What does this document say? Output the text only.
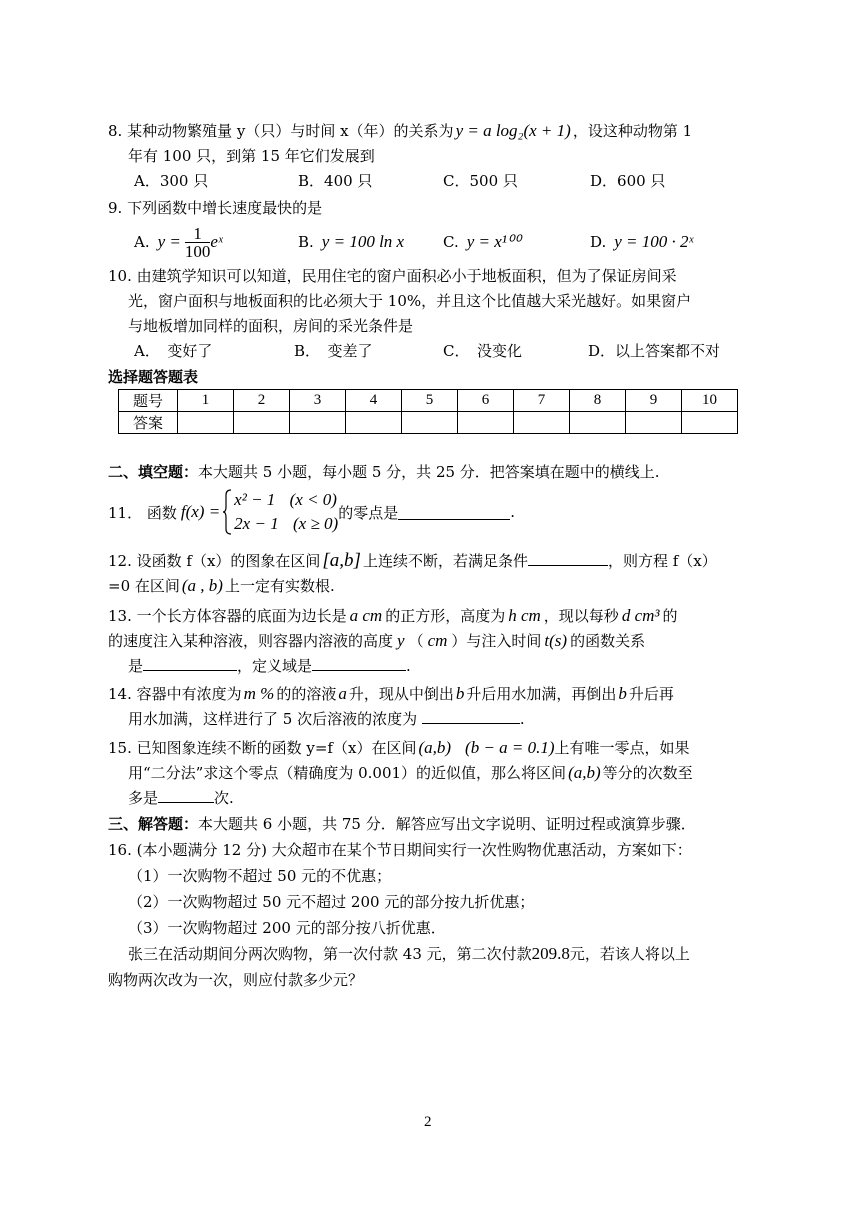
8. 某种动物繁殖量 y（只）与时间 x（年）的关系为 y = a log₂(x + 1) ，设这种动物第 1
年有 100 只，到第 15 年它们发展到
A．300 只	B．400 只	C．500 只	D．600 只
9. 下列函数中增长速度最快的是
A. $y = \frac{1}{100}$ eˣ	B. y = 100 ln x	C. y = x¹⁰⁰	D. y = 100 · 2ˣ
10. 由建筑学知识可以知道，民用住宅的窗户面积必小于地板面积，但为了保证房间采
光，窗户面积与地板面积的比必须大于 10%，并且这个比值越大采光越好。如果窗户
与地板增加同样的面积，房间的采光条件是
A．　变好了	B．　变差了	C．　没变化	D．以上答案都不对
选择题答题表
题号	1	2	3	4	5	6	7	8	9	10
答案										
二、填空题：本大题共 5 小题，每小题 5 分，共 25 分．把答案填在题中的横线上.
11． 函数 f(x) =
x² − 1 (x < 0)
2x − 1 (x ≥ 0)
的零点是	.
12. 设函数 f（x）的图象在区间 [a,b] 上连续不断，若满足条件	，则方程 f（x）
=0 在区间 (a , b) 上一定有实数根.
13. 一个长方体容器的底面为边长是 a cm 的正方形，高度为 h cm ，现以每秒 d cm³ 的
的速度注入某种溶液，则容器内溶液的高度 y （ cm ）与注入时间 t(s) 的函数关系
是	，定义域是	.
14. 容器中有浓度为 m % 的的溶液 a 升，现从中倒出 b 升后用水加满，再倒出 b 升后再
用水加满，这样进行了 5 次后溶液的浓度为	.
15. 已知图象连续不断的函数 y=f（x）在区间 (a,b) (b − a = 0.1)上有唯一零点，如果
用“二分法”求这个零点（精确度为 0.001）的近似值，那么将区间 (a,b) 等分的次数至
多是	次.
三、解答题：本大题共 6 小题，共 75 分．解答应写出文字说明、证明过程或演算步骤．
16. (本小题满分 12 分) 大众超市在某个节日期间实行一次性购物优惠活动，方案如下：
（1）一次购物不超过 50 元的不优惠；
（2）一次购物超过 50 元不超过 200 元的部分按九折优惠；
（3）一次购物超过 200 元的部分按八折优惠．
张三在活动期间分两次购物，第一次付款 43 元，第二次付款209.8元，若该人将以上
购物两次改为一次，则应付款多少元？
2
